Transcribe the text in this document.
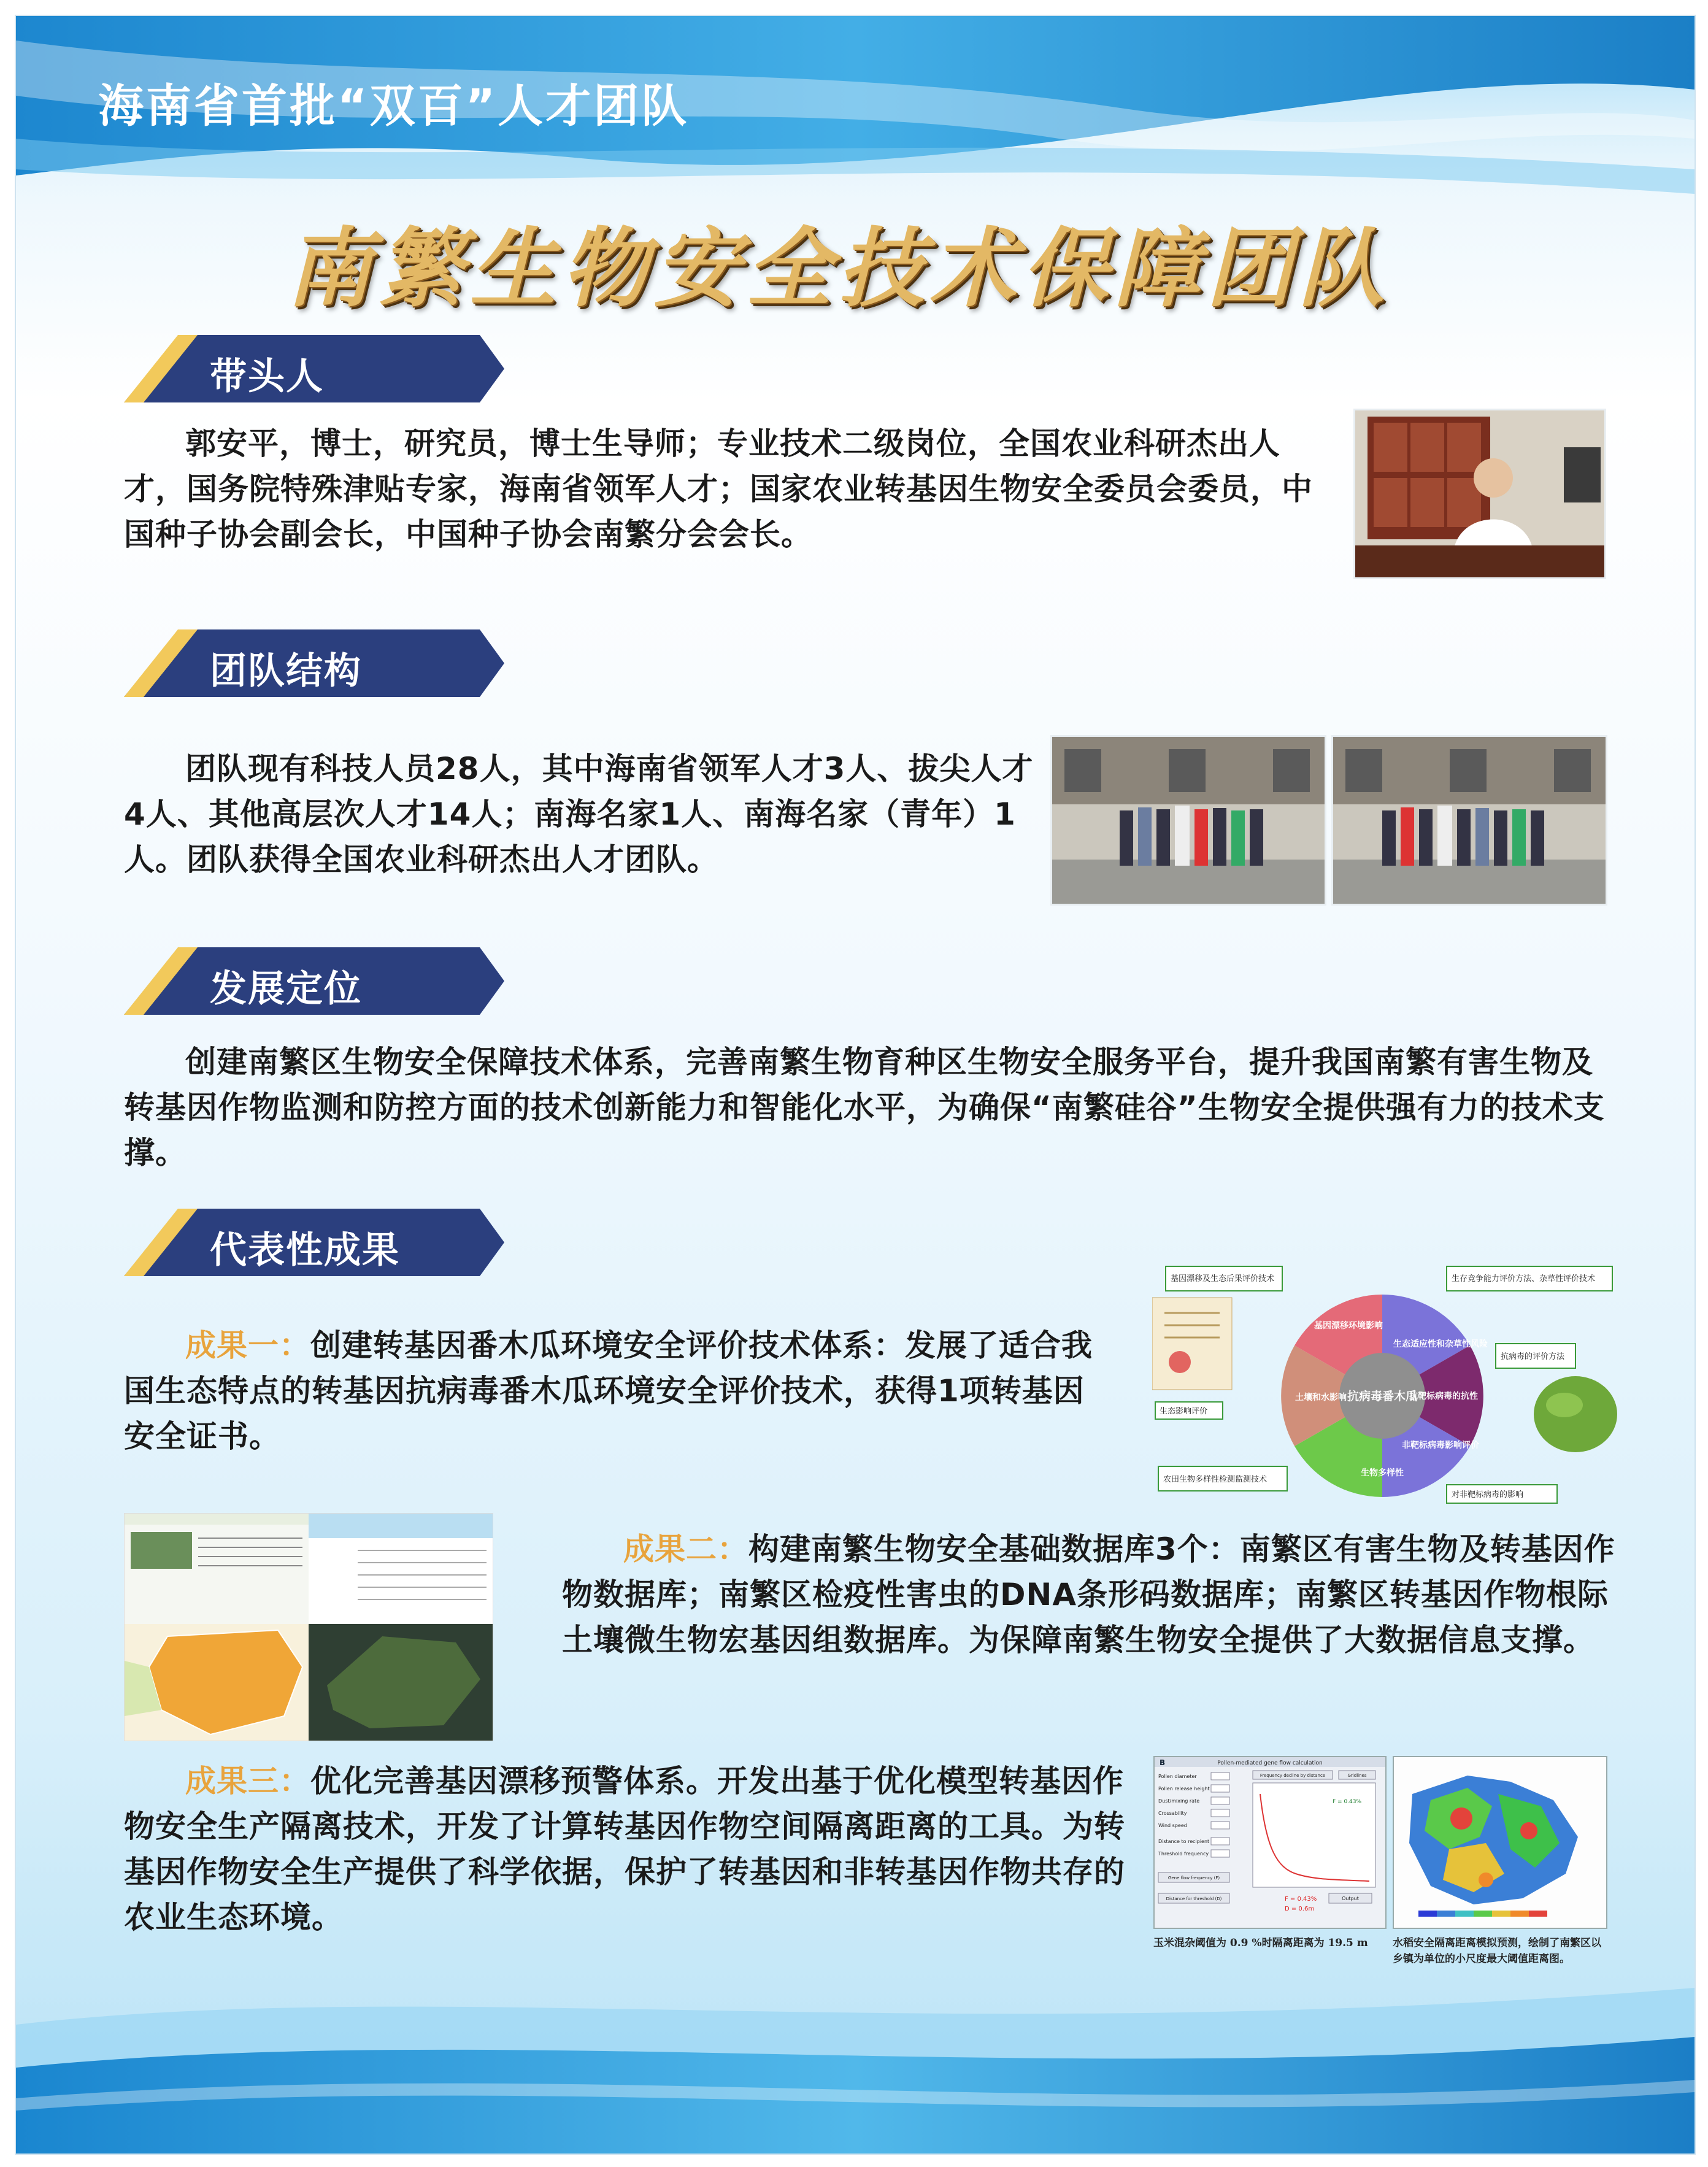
海南省首批“双百”人才团队
南繁生物安全技术保障团队
带头人

郭安平，博士，研究员，博士生导师；专业技术二级岗位，全国农业科研杰出人才，国务院特殊津贴专家，海南省领军人才；国家农业转基因生物安全委员会委员，中国种子协会副会长，中国种子协会南繁分会会长。

团队结构

团队现有科技人员28人，其中海南省领军人才3人、拔尖人才4人、其他高层次人才14人；南海名家1人、南海名家（青年）1人。团队获得全国农业科研杰出人才团队。

发展定位

创建南繁区生物安全保障技术体系，完善南繁生物育种区生物安全服务平台，提升我国南繁有害生物及转基因作物监测和防控方面的技术创新能力和智能化水平，为确保“南繁硅谷”生物安全提供强有力的技术支撑。

代表性成果

成果一：创建转基因番木瓜环境安全评价技术体系：发展了适合我国生态特点的转基因抗病毒番木瓜环境安全评价技术，获得1项转基因安全证书。

抗病毒番木瓜
基因漂移环境影响
生态适应性和杂草性风险
抗靶标病毒的抗性
非靶标病毒影响评价
生物多样性
土壤和水影响
基因漂移及生态后果评价技术	生存竞争能力评价方法、杂草性评价技术
抗病毒的评价方法
生态影响评价
农田生物多样性检测监测技术
对非靶标病毒的影响

成果二：构建南繁生物安全基础数据库3个：南繁区有害生物及转基因作物数据库；南繁区检疫性害虫的DNA条形码数据库；南繁区转基因作物根际土壤微生物宏基因组数据库。为保障南繁生物安全提供了大数据信息支撑。

成果三：优化完善基因漂移预警体系。开发出基于优化模型转基因作物安全生产隔离技术，开发了计算转基因作物空间隔离距离的工具。为转基因作物安全生产提供了科学依据，保护了转基因和非转基因作物共存的农业生态环境。

B	Pollen-mediated gene flow calculation
Pollen diameter
Pollen release height
Dust/mixing rate
Crossability
Wind speed
Distance to recipient
Threshold frequency
Gene flow frequency (F)
Distance for threshold (D)	Output
Frequency decline by distance	Gridlines
F = 0.43%
F = 0.43%
D = 0.6m

玉米混杂阈值为 0.9 %时隔离距离为 19.5 m	水稻安全隔离距离模拟预测，绘制了南繁区以乡镇为单位的小尺度最大阈值距离图。
